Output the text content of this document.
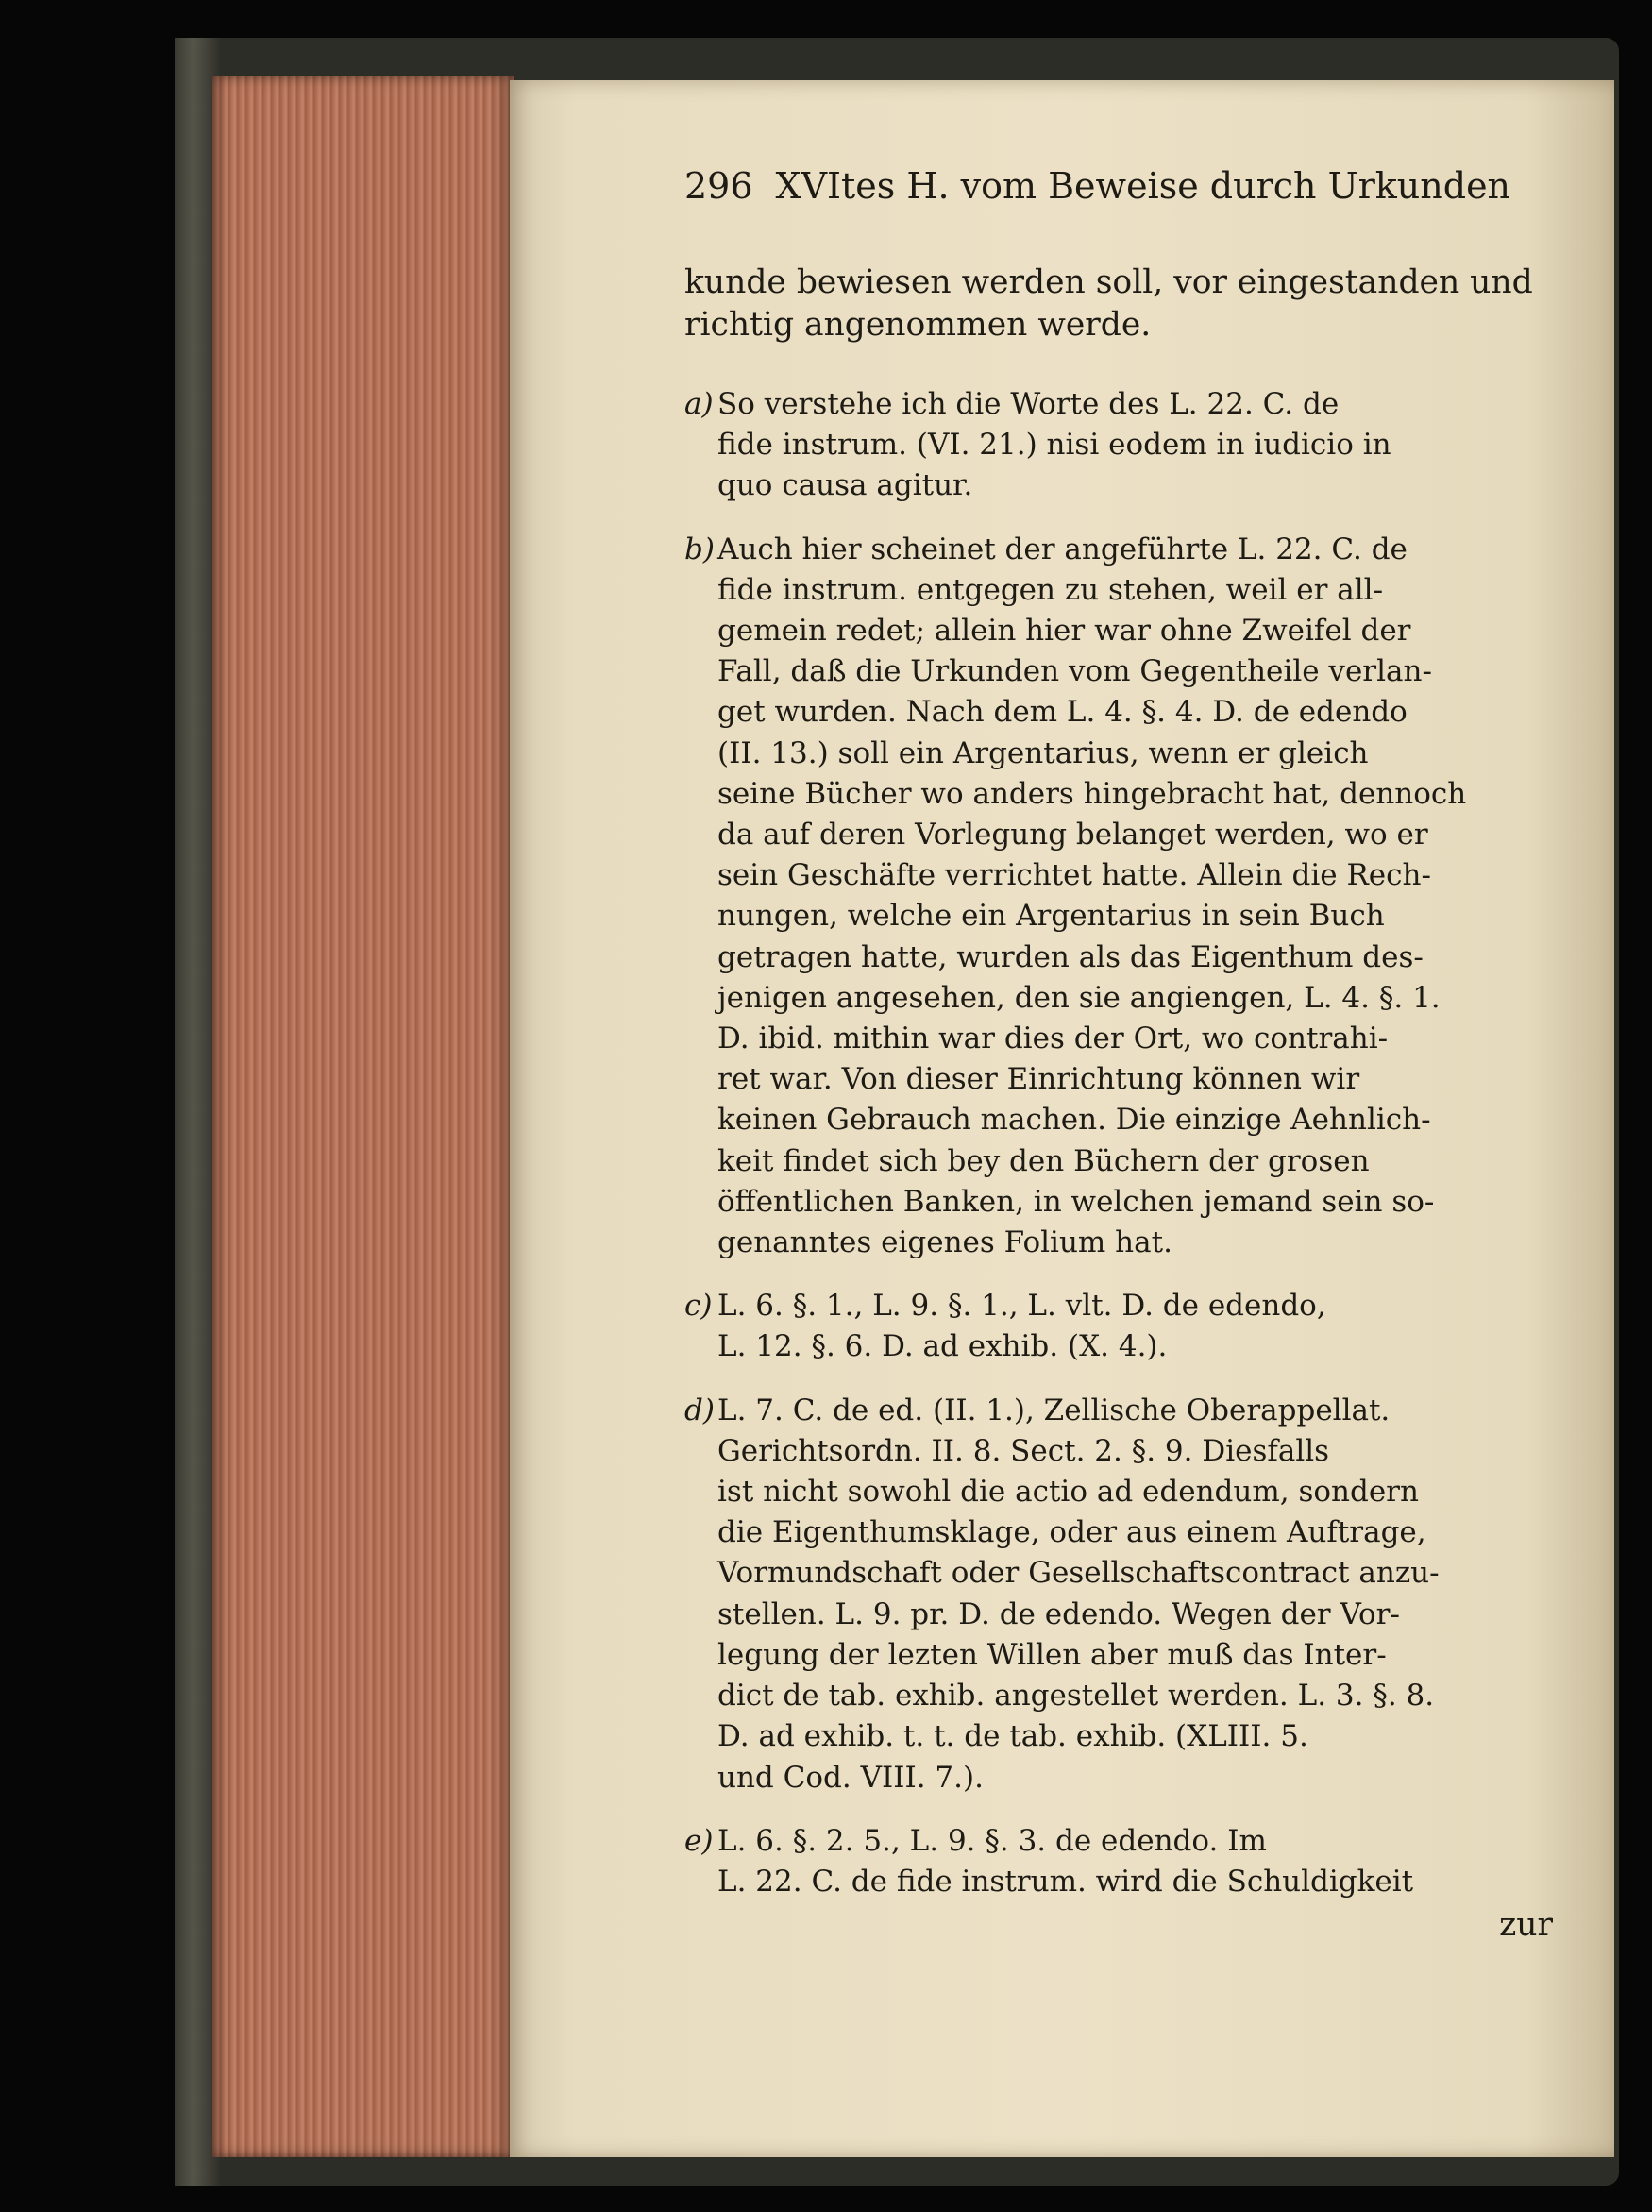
296 XVItes H. vom Beweise durch Urkunden
kunde bewiesen werden soll, vor eingestanden und
richtig angenommen werde.
a) So verstehe ich die Worte des L. 22. C. de
fide instrum. (VI. 21.) nisi eodem in iudicio in
quo causa agitur.
b)Auch hier scheinet der angeführte L. 22. C. de
fide instrum. entgegen zu stehen, weil er all-
gemein redet; allein hier war ohne Zweifel der
Fall, daß die Urkunden vom Gegentheile verlan-
get wurden. Nach dem L. 4. §. 4. D. de edendo
(II. 13.) soll ein Argentarius, wenn er gleich
seine Bücher wo anders hingebracht hat, dennoch
da auf deren Vorlegung belanget werden, wo er
sein Geschäfte verrichtet hatte. Allein die Rech-
nungen, welche ein Argentarius in sein Buch
getragen hatte, wurden als das Eigenthum des-
jenigen angesehen, den sie angiengen, L. 4. §. 1.
D. ibid. mithin war dies der Ort, wo contrahi-
ret war. Von dieser Einrichtung können wir
keinen Gebrauch machen. Die einzige Aehnlich-
keit findet sich bey den Büchern der grosen
öffentlichen Banken, in welchen jemand sein so-
genanntes eigenes Folium hat.
c) L. 6. §. 1., L. 9. §. 1., L. vlt. D. de edendo,
L. 12. §. 6. D. ad exhib. (X. 4.).
d)L. 7. C. de ed. (II. 1.), Zellische Oberappellat.
Gerichtsordn. II. 8. Sect. 2. §. 9. Diesfalls
ist nicht sowohl die actio ad edendum, sondern
die Eigenthumsklage, oder aus einem Auftrage,
Vormundschaft oder Gesellschaftscontract anzu-
stellen. L. 9. pr. D. de edendo. Wegen der Vor-
legung der lezten Willen aber muß das Inter-
dict de tab. exhib. angestellet werden. L. 3. §. 8.
D. ad exhib. t. t. de tab. exhib. (XLIII. 5.
und Cod. VIII. 7.).
e) L. 6. §. 2. 5., L. 9. §. 3. de edendo. Im
L. 22. C. de fide instrum. wird die Schuldigkeit
zur
